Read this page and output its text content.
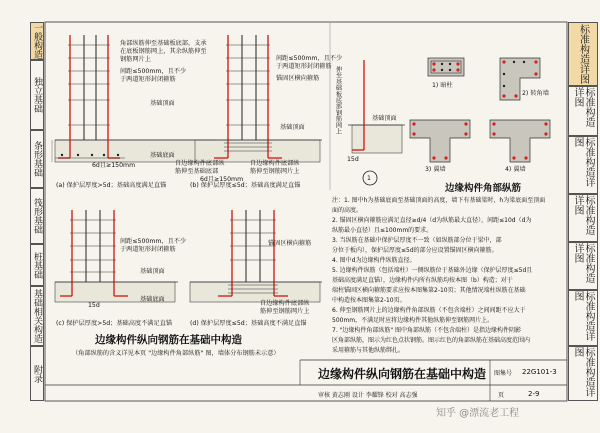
一般构造
独立基础
条形基础
筏形基础
桩基础
基础相关构造
附录
标准构造详图
标准构造详图
标准构造详图
标准构造详图
标准构造详图
标准构造详图
标准构造详图
角部纵筋伸至基础板底部，支承
在底板钢筋网上，其余纵筋伸至
钢筋网片上
间距≤500mm，且不少
于两道矩形封闭箍筋
基础顶面
基础底面
6d且≥150mm	自边缘构件底部纵
筋伸至基础底部
间距≤500mm，且不少
于两道矩形封闭箍筋
锚固区横向箍筋
基础顶面
自边缘构件底部纵
筋伸至钢筋网片上
6d且≥150mm
(a) 保护层厚度>5d；基础高度满足直锚	(b) 保护层厚度≤5d；基础高度满足直锚
间距≤500mm，且不少
于两道矩形封闭箍筋
锚固区横向箍筋
基础顶面
基础底面
自边缘构件底部纵
筋伸至钢筋网片上
15d
(c) 保护层厚度>5d；基础高度不满足直锚	(d) 保护层厚度≤5d；基础高度不满足直锚
边缘构件纵向钢筋在基础中构造
（角部纵筋的含义详见本页 "边缘构件角部纵筋" 图，墙体分布钢筋未示意）
基础顶面
伸至基础板底部钢筋网上
15d
1
1) 暗柱
2) 转角墙
3) 翼墙	4) 翼墙
边缘构件角部纵筋
注：1. 图中h为基础底面至基础顶面的高度，墙下有基础梁时，h为梁底面至顶面
面的高度。
2. 锚固区横向箍筋应满足直径≥d/4（d为纵筋最大直径），间距≤10d（d为
纵筋最小直径）且≤100mm的要求。
3. 当纵筋在基础中保护层厚度不一致（如纵筋部分位于梁中，部
分位于板内），保护层厚度≤5d的部分应设置锚固区横向箍筋。
4. 图中d为边缘构件纵筋直径。
5. 边缘构件纵筋（包括端柱）一侧纵筋位于基础外边缘（保护层厚度≤5d且
基础高度满足直锚），边缘构件内所有纵筋均按本图（b）构造；对于
端柱锚固区横向箍筋要求应按本图集第2-10页；其他情况端柱纵筋在基础
中构造按本图集第2-10页。
6. 伸至钢筋网片上的边缘构件角部纵筋（不包含端柱）之间间距不应大于
500mm，不满足时应将边缘构件其他纵筋伸至钢筋网片上。
7. "边缘构件角部纵筋" 图中角部纵筋（不包含端柱）是指边缘构件阴影
区角部纵筋，图示为红色点状钢筋。图示红色的角部纵筋在基础高度范围内
采用箍筋与其他纵筋绑扎。
边缘构件纵向钢筋在基础中构造 图集号 22G101-3
页	2-9
审核 黄志刚 设计 李耀锋 校对 高志强
知乎 @漂流老工程
